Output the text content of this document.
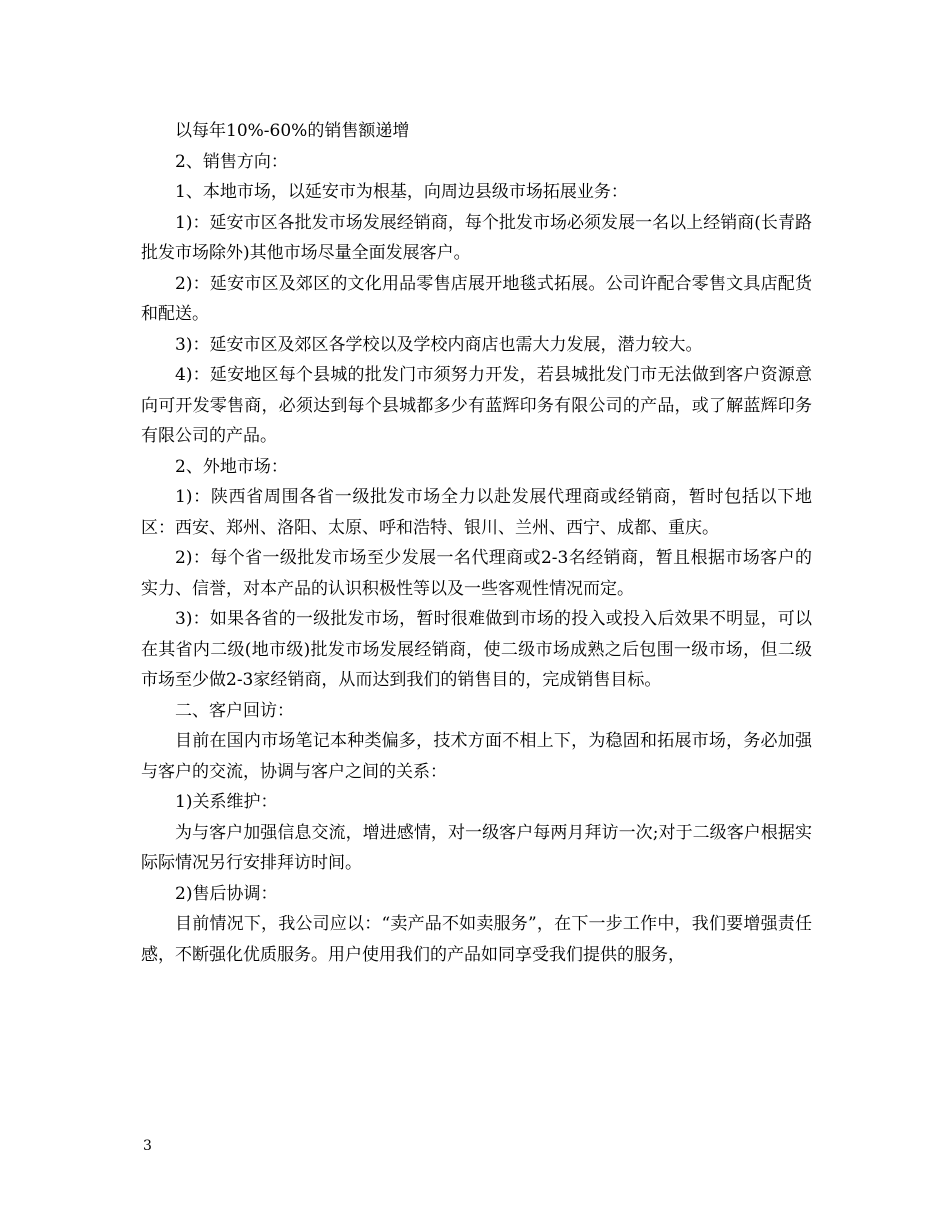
以每年10%-60%的销售额递增

2、销售方向：

1、本地市场，以延安市为根基，向周边县级市场拓展业务：

1)：延安市区各批发市场发展经销商，每个批发市场必须发展一名以上经销商(长青路批发市场除外)其他市场尽量全面发展客户。

2)：延安市区及郊区的文化用品零售店展开地毯式拓展。公司许配合零售文具店配货和配送。

3)：延安市区及郊区各学校以及学校内商店也需大力发展，潜力较大。

4)：延安地区每个县城的批发门市须努力开发，若县城批发门市无法做到客户资源意向可开发零售商，必须达到每个县城都多少有蓝辉印务有限公司的产品，或了解蓝辉印务有限公司的产品。

2、外地市场：

1)：陕西省周围各省一级批发市场全力以赴发展代理商或经销商，暂时包括以下地区：西安、郑州、洛阳、太原、呼和浩特、银川、兰州、西宁、成都、重庆。

2)：每个省一级批发市场至少发展一名代理商或2-3名经销商，暂且根据市场客户的实力、信誉，对本产品的认识积极性等以及一些客观性情况而定。

3)：如果各省的一级批发市场，暂时很难做到市场的投入或投入后效果不明显，可以在其省内二级(地市级)批发市场发展经销商，使二级市场成熟之后包围一级市场，但二级市场至少做2-3家经销商，从而达到我们的销售目的，完成销售目标。

二、客户回访：

目前在国内市场笔记本种类偏多，技术方面不相上下，为稳固和拓展市场，务必加强与客户的交流，协调与客户之间的关系：

1)关系维护：

为与客户加强信息交流，增进感情，对一级客户每两月拜访一次;对于二级客户根据实际际情况另行安排拜访时间。

2)售后协调：

目前情况下，我公司应以：“卖产品不如卖服务”，在下一步工作中，我们要增强责任感，不断强化优质服务。用户使用我们的产品如同享受我们提供的服务，

3
